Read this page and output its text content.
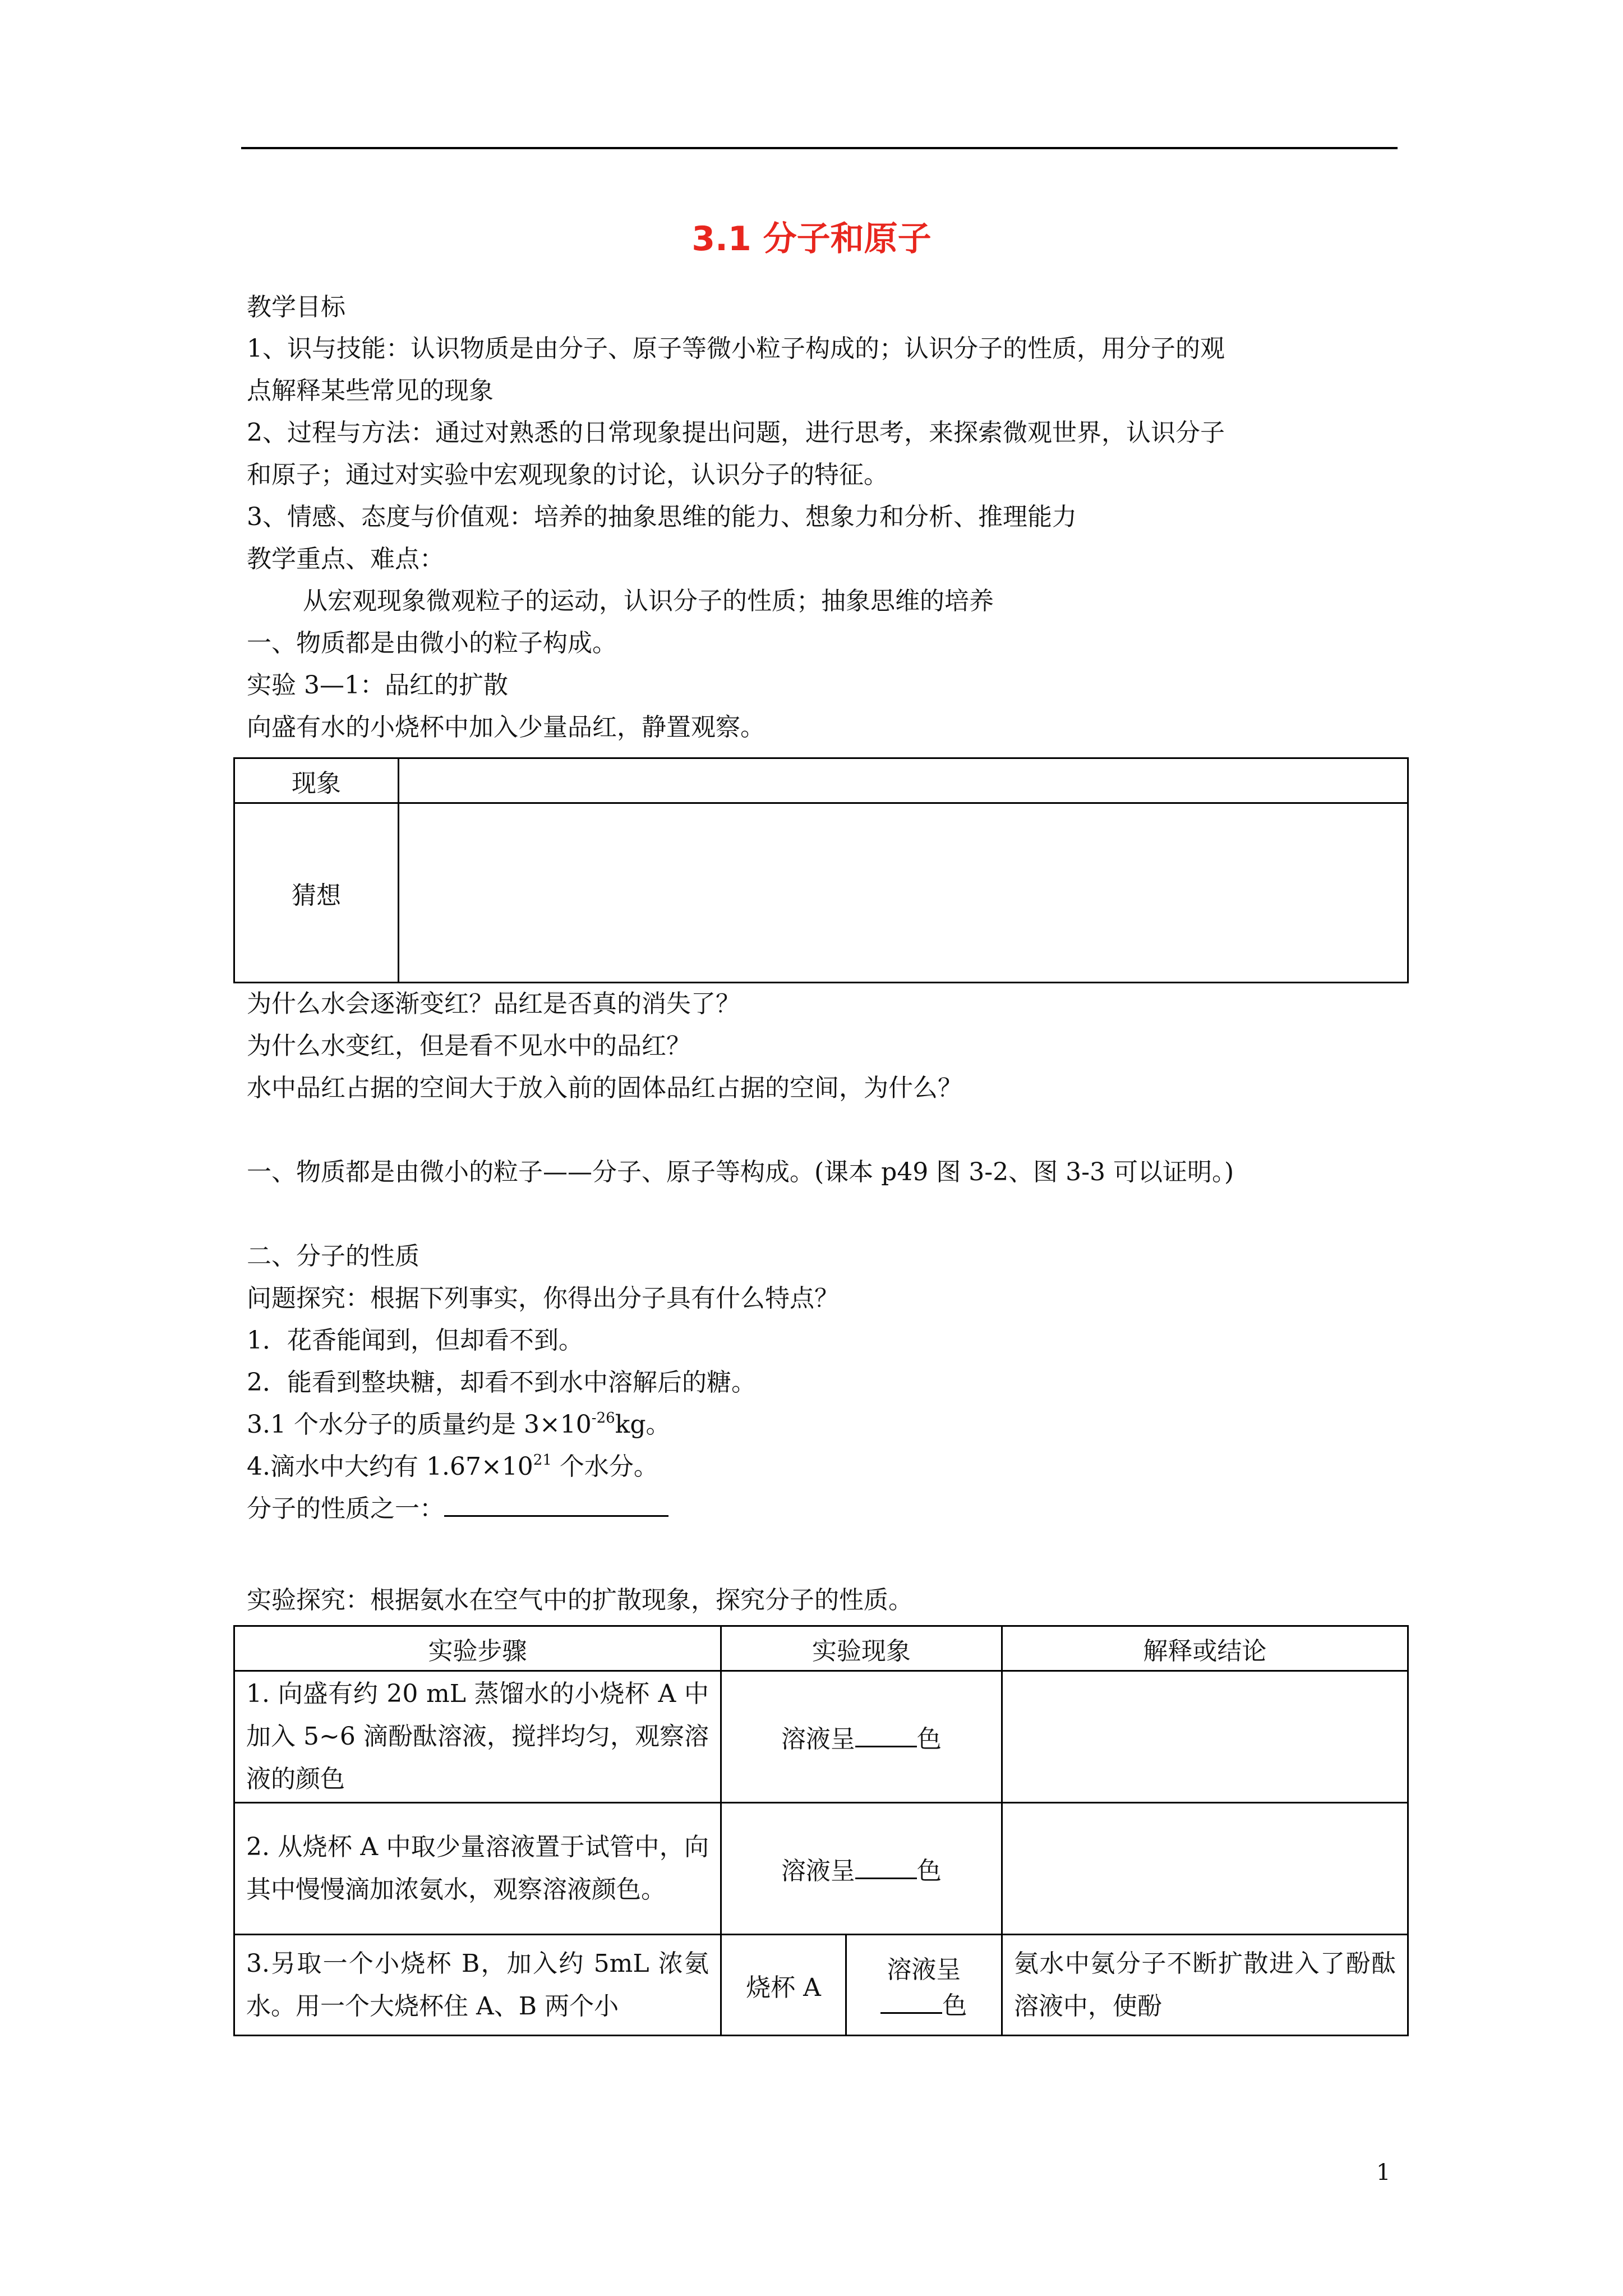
3.1 分子和原子
教学目标
1、识与技能：认识物质是由分子、原子等微小粒子构成的；认识分子的性质，用分子的观
点解释某些常见的现象
2、过程与方法：通过对熟悉的日常现象提出问题，进行思考，来探索微观世界，认识分子
和原子；通过对实验中宏观现象的讨论，认识分子的特征。
3、情感、态度与价值观：培养的抽象思维的能力、想象力和分析、推理能力
教学重点、难点：
从宏观现象微观粒子的运动，认识分子的性质；抽象思维的培养
一、物质都是由微小的粒子构成。
实验 3—1：品红的扩散
向盛有水的小烧杯中加入少量品红，静置观察。
现象	
猜想	
为什么水会逐渐变红？品红是否真的消失了？
为什么水变红，但是看不见水中的品红？
水中品红占据的空间大于放入前的固体品红占据的空间，为什么？
一、物质都是由微小的粒子——分子、原子等构成。(课本 p49 图 3-2、图 3-3 可以证明。)
二、分子的性质
问题探究：根据下列事实，你得出分子具有什么特点？
1．花香能闻到，但却看不到。
2．能看到整块糖，却看不到水中溶解后的糖。
3.1 个水分子的质量约是 $3\times 10^{-26}kg$。
4.滴水中大约有 $1.67\times 10^{21}$ 个水分。
分子的性质之一：
实验探究：根据氨水在空气中的扩散现象，探究分子的性质。
实验步骤	实验现象		解释或结论
1. 向盛有约 20 mL 蒸馏水的小烧杯 A 中加入 5~6 滴酚酞溶液，搅拌均匀，观察溶液的颜色	溶液呈 色		
2. 从烧杯 A 中取少量溶液置于试管中，向其中慢慢滴加浓氨水，观察溶液颜色。	溶液呈 色		
3.另取一个小烧杯 B，加入约 5mL 浓氨水。用一个大烧杯住 A、B 两个小	烧杯 A	溶液呈色	氨水中氨分子不断扩散进入了酚酞溶液中，使酚
1
